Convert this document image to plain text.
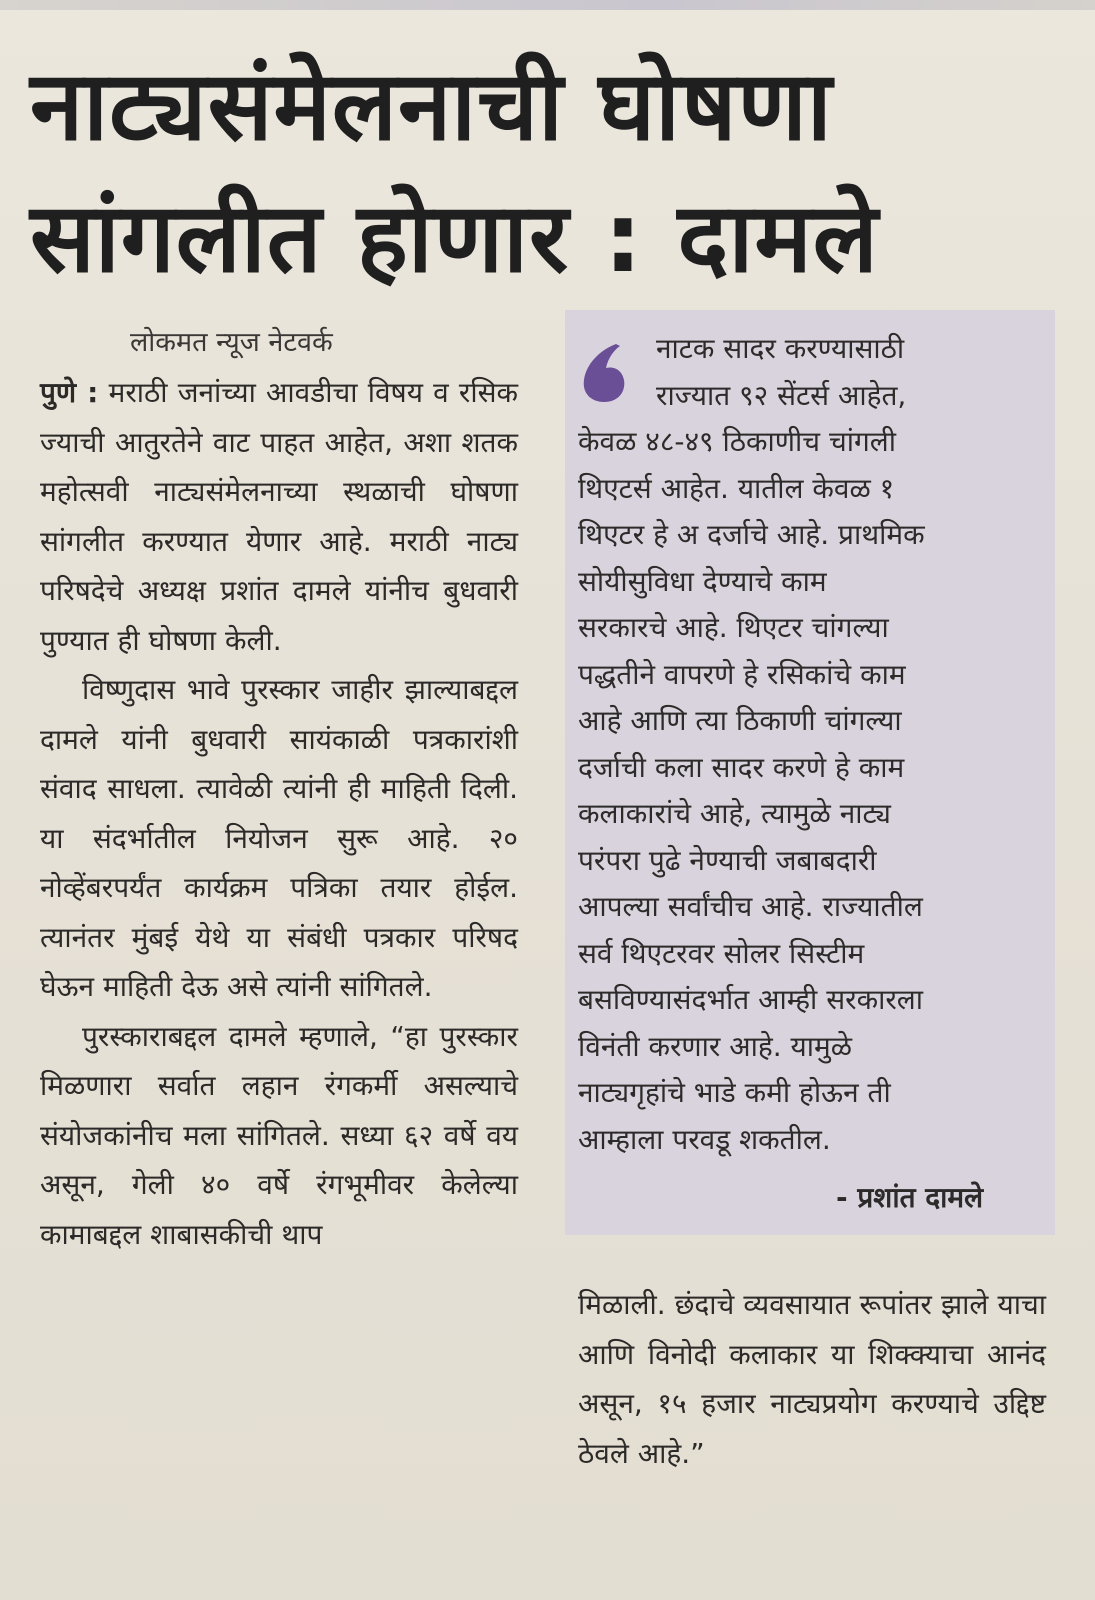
नाट्यसंमेलनाची घोषणा
सांगलीत होणार : दामले
लोकमत न्यूज नेटवर्क

पुणे : मराठी जनांच्या आवडीचा विषय व रसिक ज्याची आतुरतेने वाट पाहत आहेत, अशा शतक महोत्सवी नाट्यसंमेलनाच्या स्थळाची घोषणा सांगलीत करण्यात येणार आहे. मराठी नाट्य परिषदेचे अध्यक्ष प्रशांत दामले यांनीच बुधवारी पुण्यात ही घोषणा केली.

विष्णुदास भावे पुरस्कार जाहीर झाल्याबद्दल दामले यांनी बुधवारी सायंकाळी पत्रकारांशी संवाद साधला. त्यावेळी त्यांनी ही माहिती दिली. या संदर्भातील नियोजन सुरू आहे. २० नोव्हेंबरपर्यंत कार्यक्रम पत्रिका तयार होईल. त्यानंतर मुंबई येथे या संबंधी पत्रकार परिषद घेऊन माहिती देऊ असे त्यांनी सांगितले.

पुरस्काराबद्दल दामले म्हणाले, “हा पुरस्कार मिळणारा सर्वात लहान रंगकर्मी असल्याचे संयोजकांनीच मला सांगितले. सध्या ६२ वर्षे वय असून, गेली ४० वर्षे रंगभूमीवर केलेल्या कामाबद्दल शाबासकीची थाप

नाटक सादर करण्यासाठी
राज्यात ९२ सेंटर्स आहेत,
केवळ ४८-४९ ठिकाणीच चांगली
थिएटर्स आहेत. यातील केवळ १
थिएटर हे अ दर्जाचे आहे. प्राथमिक
सोयीसुविधा देण्याचे काम
सरकारचे आहे. थिएटर चांगल्या
पद्धतीने वापरणे हे रसिकांचे काम
आहे आणि त्या ठिकाणी चांगल्या
दर्जाची कला सादर करणे हे काम
कलाकारांचे आहे, त्यामुळे नाट्य
परंपरा पुढे नेण्याची जबाबदारी
आपल्या सर्वांचीच आहे. राज्यातील
सर्व थिएटरवर सोलर सिस्टीम
बसविण्यासंदर्भात आम्ही सरकारला
विनंती करणार आहे. यामुळे
नाट्यगृहांचे भाडे कमी होऊन ती
आम्हाला परवडू शकतील.
- प्रशांत दामले

मिळाली. छंदाचे व्यवसायात रूपांतर झाले याचा आणि विनोदी कलाकार या शिक्क्याचा आनंद असून, १५ हजार नाट्यप्रयोग करण्याचे उद्दिष्ट ठेवले आहे.”
